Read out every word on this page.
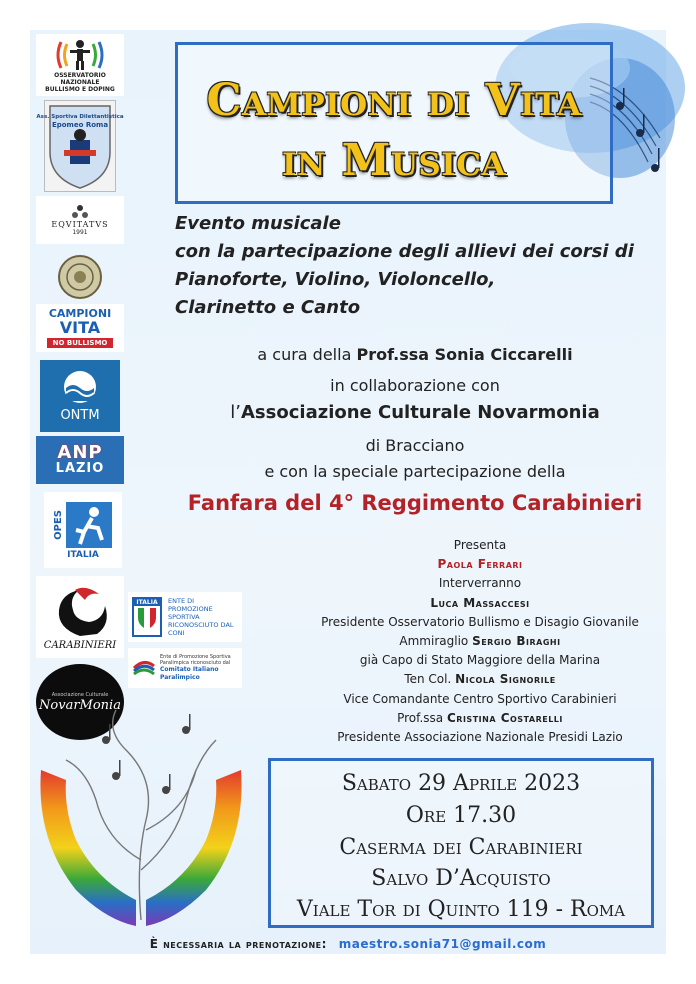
Campioni di Vita
in Musica
Evento musicale
con la partecipazione degli allievi dei corsi di
Pianoforte, Violino, Violoncello,
Clarinetto e Canto
a cura della Prof.ssa Sonia Ciccarelli
in collaborazione con
l’Associazione Culturale Novarmonia
di Bracciano
e con la speciale partecipazione della
Fanfara del 4° Reggimento Carabinieri
Presenta
Paola Ferrari
Interverranno
Luca Massaccesi
Presidente Osservatorio Bullismo e Disagio Giovanile
Ammiraglio Sergio Biraghi
già Capo di Stato Maggiore della Marina
Ten Col. Nicola Signorile
Vice Comandante Centro Sportivo Carabinieri
Prof.ssa Cristina Costarelli
Presidente Associazione Nazionale Presidi Lazio
Sabato 29 Aprile 2023
Ore 17.30
Caserma dei Carabinieri
Salvo D’Acquisto
Viale Tor di Quinto 119 - Roma
È necessaria la prenotazione: maestro.sonia71@gmail.com
OSSERVATORIO NAZIONALE
BULLISMO E DOPING
Ass. Sportiva Dilettantistica
Epomeo Roma
EQVITATVS
1991
CAMPIONI
VITA
NO BULLISMO
ONTM
ANP
LAZIO
OPES
ITALIA
CARABINIERI
ITALIA	ENTE DI PROMOZIONE SPORTIVA RICONOSCIUTO DAL CONI
Ente di Promozione Sportiva Paralimpica riconosciuto dal
Comitato Italiano Paralimpico
Associazione Culturale
NovarMonia
